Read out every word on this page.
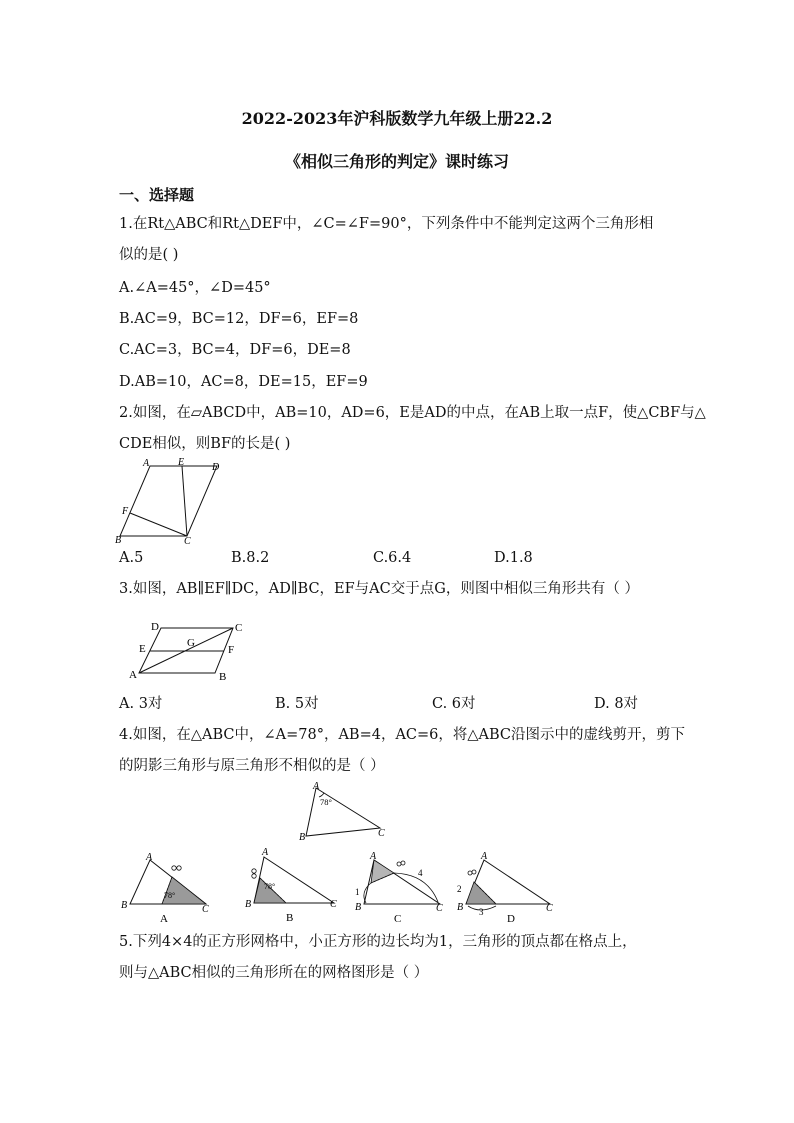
2022-2023年沪科版数学九年级上册22.2
《相似三角形的判定》课时练习
一、选择题
1.在Rt△ABC和Rt△DEF中，∠C=∠F=90°，下列条件中不能判定这两个三角形相
似的是( )
A.∠A=45°，∠D=45°
B.AC=9，BC=12，DF=6，EF=8
C.AC=3，BC=4，DF=6，DE=8
D.AB=10，AC=8，DE=15，EF=9
2.如图，在▱ABCD中，AB=10，AD=6，E是AD的中点，在AB上取一点F，使△CBF与△
CDE相似，则BF的长是( )
A	E	D
F
B	C
A.5	B.8.2	C.6.4	D.1.8
3.如图，AB∥EF∥DC，AD∥BC，EF与AC交于点G，则图中相似三角形共有（ ）
D	C
E	G
F
A	B
A. 3对	B. 5对	C. 6对	D. 8对
4.如图，在△ABC中，∠A=78°，AB=4，AC=6，将△ABC沿图示中的虚线剪开，剪下
的阴影三角形与原三角形不相似的是（ ）
A
78°
B	C
A
78°
B	C
A
A
78°
B	C
B
A
4
1
B	C
C
A
2
B 3	C
D
5.下列4×4的正方形网格中，小正方形的边长均为1，三角形的顶点都在格点上，
则与△ABC相似的三角形所在的网格图形是（ ）
